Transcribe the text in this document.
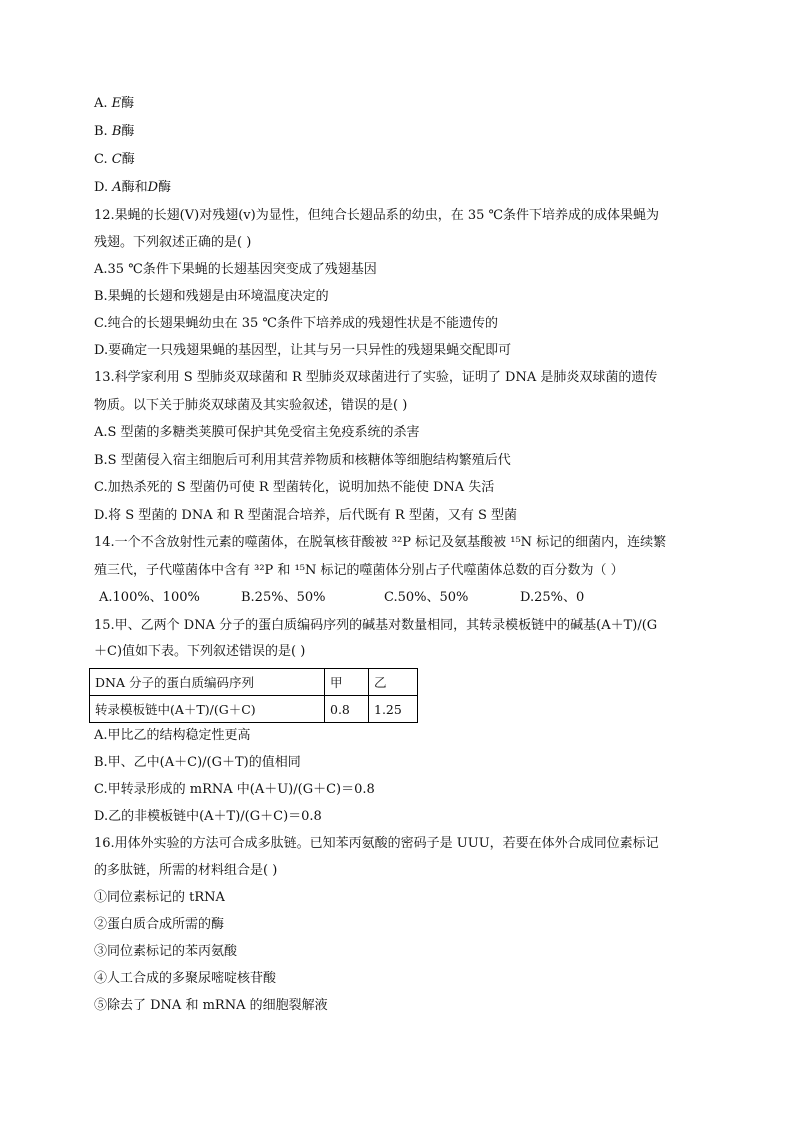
A. 𝐸酶
B. 𝐵酶
C. 𝐶酶
D. 𝐴酶和𝐷酶
12.果蝇的长翅(V)对残翅(v)为显性，但纯合长翅品系的幼虫，在 35 ℃条件下培养成的成体果蝇为
残翅。下列叙述正确的是( )
A.35 ℃条件下果蝇的长翅基因突变成了残翅基因
B.果蝇的长翅和残翅是由环境温度决定的
C.纯合的长翅果蝇幼虫在 35 ℃条件下培养成的残翅性状是不能遗传的
D.要确定一只残翅果蝇的基因型，让其与另一只异性的残翅果蝇交配即可
13.科学家利用 S 型肺炎双球菌和 R 型肺炎双球菌进行了实验，证明了 DNA 是肺炎双球菌的遗传
物质。以下关于肺炎双球菌及其实验叙述，错误的是( )
A.S 型菌的多糖类荚膜可保护其免受宿主免疫系统的杀害
B.S 型菌侵入宿主细胞后可利用其营养物质和核糖体等细胞结构繁殖后代
C.加热杀死的 S 型菌仍可使 R 型菌转化，说明加热不能使 DNA 失活
D.将 S 型菌的 DNA 和 R 型菌混合培养，后代既有 R 型菌，又有 S 型菌
14.一个不含放射性元素的噬菌体，在脱氧核苷酸被 ³²P 标记及氨基酸被 ¹⁵N 标记的细菌内，连续繁
殖三代，子代噬菌体中含有 ³²P 和 ¹⁵N 标记的噬菌体分别占子代噬菌体总数的百分数为（ ）
A.100%、100%	B.25%、50%	C.50%、50%	D.25%、0
15.甲、乙两个 DNA 分子的蛋白质编码序列的碱基对数量相同，其转录模板链中的碱基(A＋T)/(G
＋C)值如下表。下列叙述错误的是( )
DNA 分子的蛋白质编码序列	甲	乙
转录模板链中(A＋T)/(G＋C)	0.8	1.25
A.甲比乙的结构稳定性更高
B.甲、乙中(A＋C)/(G＋T)的值相同
C.甲转录形成的 mRNA 中(A＋U)/(G＋C)＝0.8
D.乙的非模板链中(A＋T)/(G＋C)＝0.8
16.用体外实验的方法可合成多肽链。已知苯丙氨酸的密码子是 UUU，若要在体外合成同位素标记
的多肽链，所需的材料组合是( )
①同位素标记的 tRNA
②蛋白质合成所需的酶
③同位素标记的苯丙氨酸
④人工合成的多聚尿嘧啶核苷酸
⑤除去了 DNA 和 mRNA 的细胞裂解液
